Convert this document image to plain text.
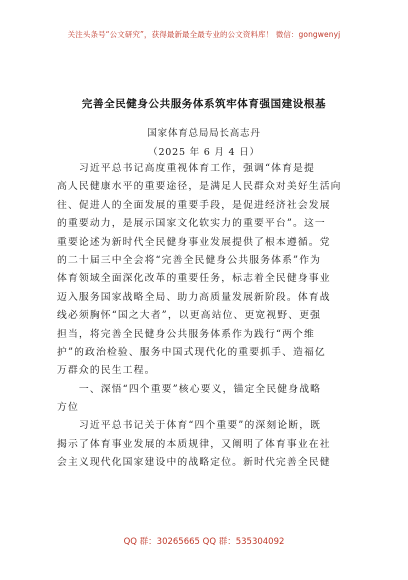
关注头条号“公文研究”，获得最新最全最专业的公文资料库！ 微信：gongwenyj
完善全民健身公共服务体系筑牢体育强国建设根基
国家体育总局局长高志丹
（2025 年 6 月 4 日）
　　习近平总书记高度重视体育工作，强调“体育是提
高人民健康水平的重要途径，是满足人民群众对美好生活向
往、促进人的全面发展的重要手段，是促进经济社会发展
的重要动力，是展示国家文化软实力的重要平台”。这一
重要论述为新时代全民健身事业发展提供了根本遵循。党
的二十届三中全会将“完善全民健身公共服务体系”作为
体育领域全面深化改革的重要任务，标志着全民健身事业
迈入服务国家战略全局、助力高质量发展新阶段。体育战
线必须胸怀“国之大者”，以更高站位、更宽视野、更强
担当，将完善全民健身公共服务体系作为践行“两个维
护”的政治检验、服务中国式现代化的重要抓手、造福亿
万群众的民生工程。
　　一、深悟“四个重要”核心要义，锚定全民健身战略
方位
　　习近平总书记关于体育“四个重要”的深刻论断，既
揭示了体育事业发展的本质规律，又阐明了体育事业在社
会主义现代化国家建设中的战略定位。新时代完善全民健
QQ 群：30265665 QQ 群：535304092
